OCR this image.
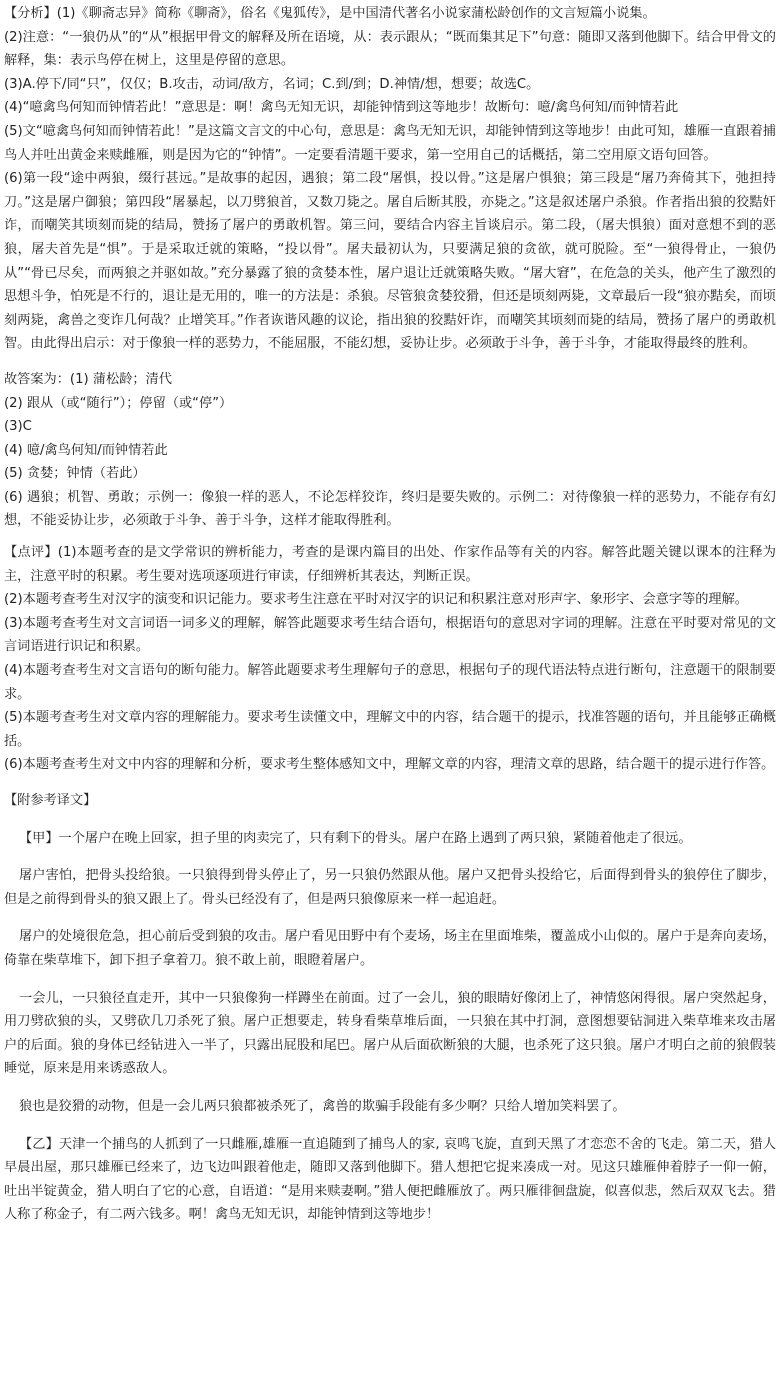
【分析】(1)《聊斋志异》简称《聊斋》，俗名《鬼狐传》，是中国清代著名小说家蒲松龄创作的文言短篇小说集。

(2)注意：“一狼仍从”的“从”根据甲骨文的解释及所在语境，从：表示跟从；“既而集其足下”句意：随即又落到他脚下。结合甲骨文的解释，集：表示鸟停在树上，这里是停留的意思。

(3)A.停下/同“只”，仅仅；B.攻击，动词/敌方，名词；C.到/到；D.神情/想，想要；故选C。

(4)“噫禽鸟何知而钟情若此！”意思是：啊！禽鸟无知无识，却能钟情到这等地步！故断句：噫/禽鸟何知/而钟情若此

(5)文“噫禽鸟何知而钟情若此！”是这篇文言文的中心句，意思是：禽鸟无知无识，却能钟情到这等地步！由此可知，雄雁一直跟着捕鸟人并吐出黄金来赎雌雁，则是因为它的“钟情”。一定要看清题干要求，第一空用自己的话概括，第二空用原文语句回答。

(6)第一段“途中两狼，缀行甚远。”是故事的起因，遇狼；第二段“屠惧，投以骨。”这是屠户惧狼；第三段是“屠乃奔倚其下，弛担持刀。”这是屠户御狼；第四段“屠暴起，以刀劈狼首，又数刀毙之。屠自后断其股，亦毙之。”这是叙述屠户杀狼。作者指出狼的狡黠奸诈，而嘲笑其顷刻而毙的结局，赞扬了屠户的勇敢机智。第三问，要结合内容主旨谈启示。第二段，（屠夫惧狼）面对意想不到的恶狼，屠夫首先是“惧”。于是采取迁就的策略，“投以骨”。屠夫最初认为，只要满足狼的贪欲，就可脱险。至“一狼得骨止，一狼仍从”“骨已尽矣，而两狼之并驱如故。”充分暴露了狼的贪婪本性，屠户退让迁就策略失败。“屠大窘”，在危急的关头，他产生了激烈的思想斗争，怕死是不行的，退让是无用的，唯一的方法是：杀狼。尽管狼贪婪狡猾，但还是顷刻两毙，文章最后一段“狼亦黠矣，而顷刻两毙，禽兽之变诈几何哉？止增笑耳。”作者诙谐风趣的议论，指出狼的狡黠奸诈，而嘲笑其顷刻而毙的结局，赞扬了屠户的勇敢机智。由此得出启示：对于像狼一样的恶势力，不能屈服，不能幻想，妥协让步。必须敢于斗争，善于斗争，才能取得最终的胜利。

故答案为：(1) 蒲松龄；清代

(2) 跟从（或“随行”）；停留（或“停”）

(3)C

(4) 噫/禽鸟何知/而钟情若此

(5) 贪婪；钟情（若此）

(6) 遇狼；机智、勇敢；示例一：像狼一样的恶人，不论怎样狡诈，终归是要失败的。示例二：对待像狼一样的恶势力，不能存有幻想，不能妥协让步，必须敢于斗争、善于斗争，这样才能取得胜利。

【点评】(1)本题考查的是文学常识的辨析能力，考查的是课内篇目的出处、作家作品等有关的内容。解答此题关键以课本的注释为主，注意平时的积累。考生要对选项逐项进行审读，仔细辨析其表达，判断正误。

(2)本题考查考生对汉字的演变和识记能力。要求考生注意在平时对汉字的识记和积累注意对形声字、象形字、会意字等的理解。

(3)本题考查考生对文言词语一词多义的理解，解答此题要求考生结合语句，根据语句的意思对字词的理解。注意在平时要对常见的文言词语进行识记和积累。

(4)本题考查考生对文言语句的断句能力。解答此题要求考生理解句子的意思，根据句子的现代语法特点进行断句，注意题干的限制要求。

(5)本题考查考生对文章内容的理解能力。要求考生读懂文中，理解文中的内容，结合题干的提示，找准答题的语句，并且能够正确概括。

(6)本题考查考生对文中内容的理解和分析，要求考生整体感知文中，理解文章的内容，理清文章的思路，结合题干的提示进行作答。

【附参考译文】

【甲】一个屠户在晚上回家，担子里的肉卖完了，只有剩下的骨头。屠户在路上遇到了两只狼，紧随着他走了很远。

屠户害怕，把骨头投给狼。一只狼得到骨头停止了，另一只狼仍然跟从他。屠户又把骨头投给它，后面得到骨头的狼停住了脚步，但是之前得到骨头的狼又跟上了。骨头已经没有了，但是两只狼像原来一样一起追赶。

屠户的处境很危急，担心前后受到狼的攻击。屠户看见田野中有个麦场，场主在里面堆柴，覆盖成小山似的。屠户于是奔向麦场，倚靠在柴草堆下，卸下担子拿着刀。狼不敢上前，眼瞪着屠户。

一会儿，一只狼径直走开，其中一只狼像狗一样蹲坐在前面。过了一会儿，狼的眼睛好像闭上了，神情悠闲得很。屠户突然起身，用刀劈砍狼的头，又劈砍几刀杀死了狼。屠户正想要走，转身看柴草堆后面，一只狼在其中打洞，意图想要钻洞进入柴草堆来攻击屠户的后面。狼的身体已经钻进入一半了，只露出屁股和尾巴。屠户从后面砍断狼的大腿，也杀死了这只狼。屠户才明白之前的狼假装睡觉，原来是用来诱惑敌人。

狼也是狡猾的动物，但是一会儿两只狼都被杀死了，禽兽的欺骗手段能有多少啊？只给人增加笑料罢了。

【乙】天津一个捕鸟的人抓到了一只雌雁,雄雁一直追随到了捕鸟人的家, 哀鸣飞旋，直到天黑了才恋恋不舍的飞走。第二天，猎人早晨出屋，那只雄雁已经来了，边飞边叫跟着他走，随即又落到他脚下。猎人想把它捉来凑成一对。见这只雄雁伸着脖子一仰一俯，吐出半锭黄金，猎人明白了它的心意，自语道：“是用来赎妻啊。”猎人便把雌雁放了。两只雁徘徊盘旋，似喜似悲，然后双双飞去。猎人称了称金子，有二两六钱多。啊！禽鸟无知无识，却能钟情到这等地步！
